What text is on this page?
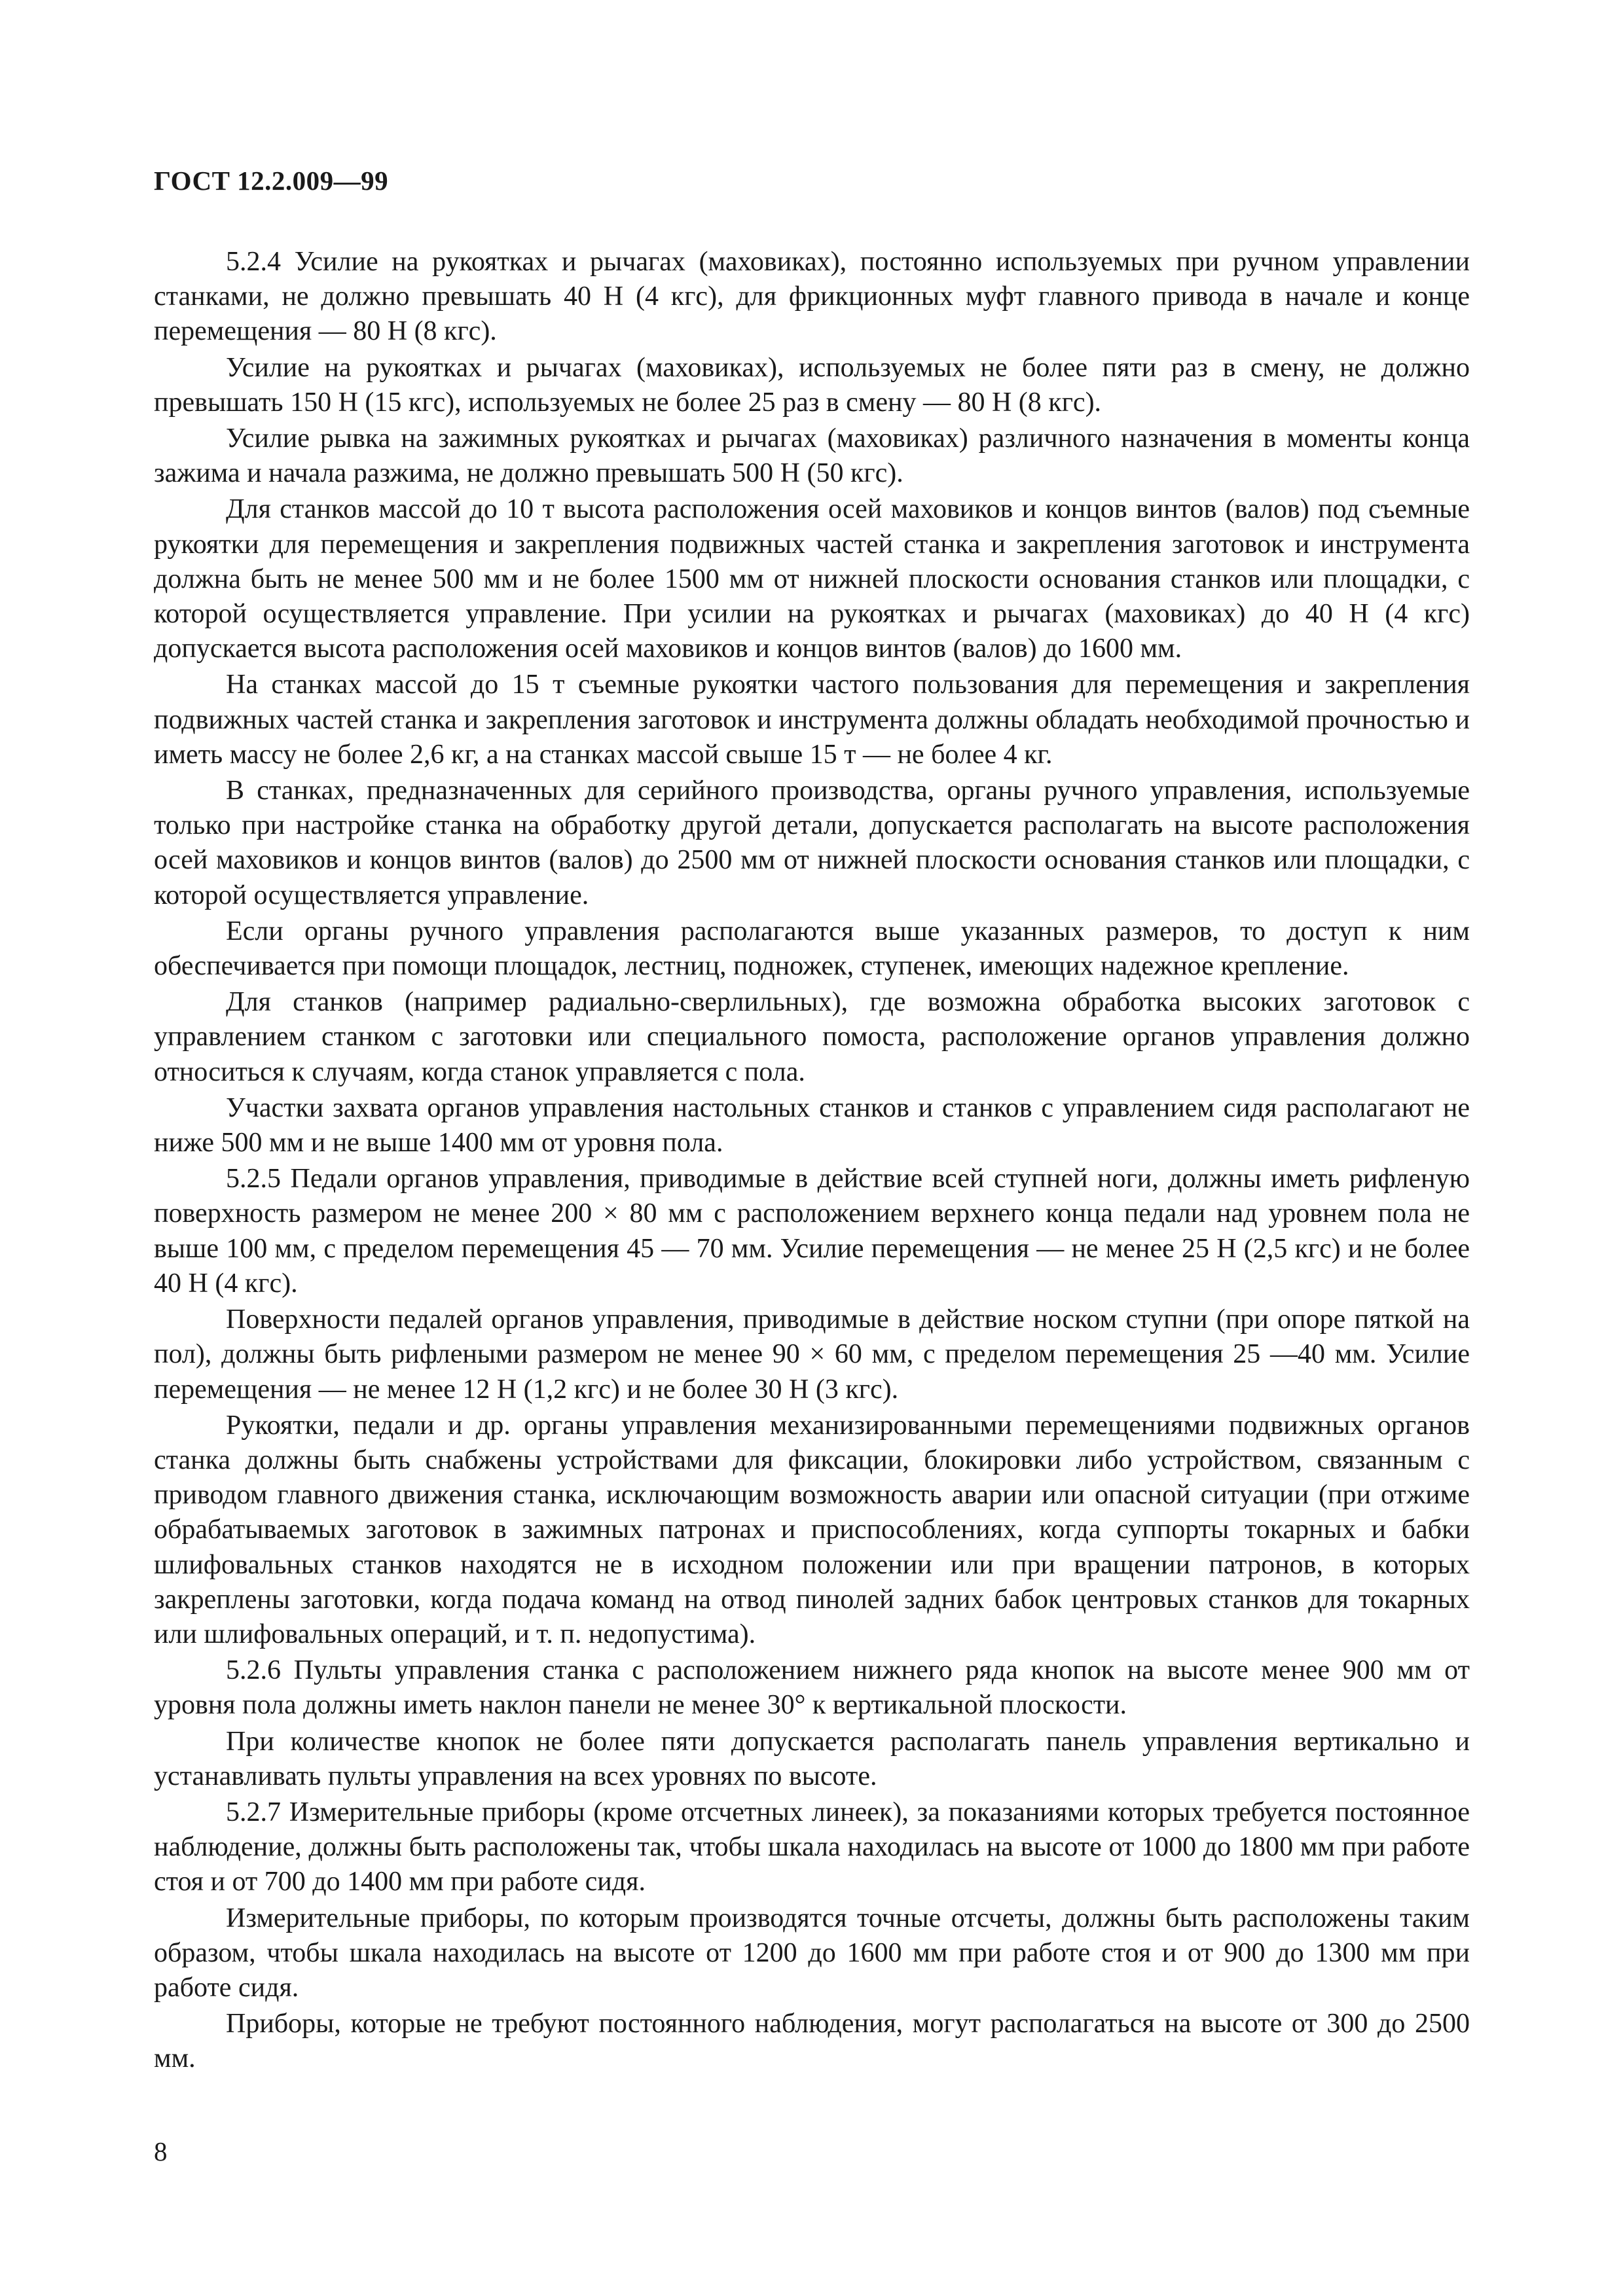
ГОСТ 12.2.009—99

5.2.4 Усилие на рукоятках и рычагах (маховиках), постоянно используемых при ручном управлении станками, не должно превышать 40 Н (4 кгс), для фрикционных муфт главного привода в начале и конце перемещения — 80 Н (8 кгс).

Усилие на рукоятках и рычагах (маховиках), используемых не более пяти раз в смену, не должно превышать 150 Н (15 кгс), используемых не более 25 раз в смену — 80 Н (8 кгс).

Усилие рывка на зажимных рукоятках и рычагах (маховиках) различного назначения в моменты конца зажима и начала разжима, не должно превышать 500 Н (50 кгс).

Для станков массой до 10 т высота расположения осей маховиков и концов винтов (валов) под съемные рукоятки для перемещения и закрепления подвижных частей станка и закрепления заготовок и инструмента должна быть не менее 500 мм и не более 1500 мм от нижней плоскости основания станков или площадки, с которой осуществляется управление. При усилии на рукоятках и рычагах (маховиках) до 40 Н (4 кгс) допускается высота расположения осей маховиков и концов винтов (валов) до 1600 мм.

На станках массой до 15 т съемные рукоятки частого пользования для перемещения и закрепления подвижных частей станка и закрепления заготовок и инструмента должны обладать необходимой прочностью и иметь массу не более 2,6 кг, а на станках массой свыше 15 т — не более 4 кг.

В станках, предназначенных для серийного производства, органы ручного управления, используемые только при настройке станка на обработку другой детали, допускается располагать на высоте расположения осей маховиков и концов винтов (валов) до 2500 мм от нижней плоскости основания станков или площадки, с которой осуществляется управление.

Если органы ручного управления располагаются выше указанных размеров, то доступ к ним обеспечивается при помощи площадок, лестниц, подножек, ступенек, имеющих надежное крепление.

Для станков (например радиально-сверлильных), где возможна обработка высоких заготовок с управлением станком с заготовки или специального помоста, расположение органов управления должно относиться к случаям, когда станок управляется с пола.

Участки захвата органов управления настольных станков и станков с управлением сидя располагают не ниже 500 мм и не выше 1400 мм от уровня пола.

5.2.5 Педали органов управления, приводимые в действие всей ступней ноги, должны иметь рифленую поверхность размером не менее 200 × 80 мм с расположением верхнего конца педали над уровнем пола не выше 100 мм, с пределом перемещения 45 — 70 мм. Усилие перемещения — не менее 25 Н (2,5 кгс) и не более 40 Н (4 кгс).

Поверхности педалей органов управления, приводимые в действие носком ступни (при опоре пяткой на пол), должны быть рифлеными размером не менее 90 × 60 мм, с пределом перемещения 25 —40 мм. Усилие перемещения — не менее 12 Н (1,2 кгс) и не более 30 Н (3 кгс).

Рукоятки, педали и др. органы управления механизированными перемещениями подвижных органов станка должны быть снабжены устройствами для фиксации, блокировки либо устройством, связанным с приводом главного движения станка, исключающим возможность аварии или опасной ситуации (при отжиме обрабатываемых заготовок в зажимных патронах и приспособлениях, когда суппорты токарных и бабки шлифовальных станков находятся не в исходном положении или при вращении патронов, в которых закреплены заготовки, когда подача команд на отвод пинолей задних бабок центровых станков для токарных или шлифовальных операций, и т. п. недопустима).

5.2.6 Пульты управления станка с расположением нижнего ряда кнопок на высоте менее 900 мм от уровня пола должны иметь наклон панели не менее 30° к вертикальной плоскости.

При количестве кнопок не более пяти допускается располагать панель управления вертикально и устанавливать пульты управления на всех уровнях по высоте.

5.2.7 Измерительные приборы (кроме отсчетных линеек), за показаниями которых требуется постоянное наблюдение, должны быть расположены так, чтобы шкала находилась на высоте от 1000 до 1800 мм при работе стоя и от 700 до 1400 мм при работе сидя.

Измерительные приборы, по которым производятся точные отсчеты, должны быть расположены таким образом, чтобы шкала находилась на высоте от 1200 до 1600 мм при работе стоя и от 900 до 1300 мм при работе сидя.

Приборы, которые не требуют постоянного наблюдения, могут располагаться на высоте от 300 до 2500 мм.

8
